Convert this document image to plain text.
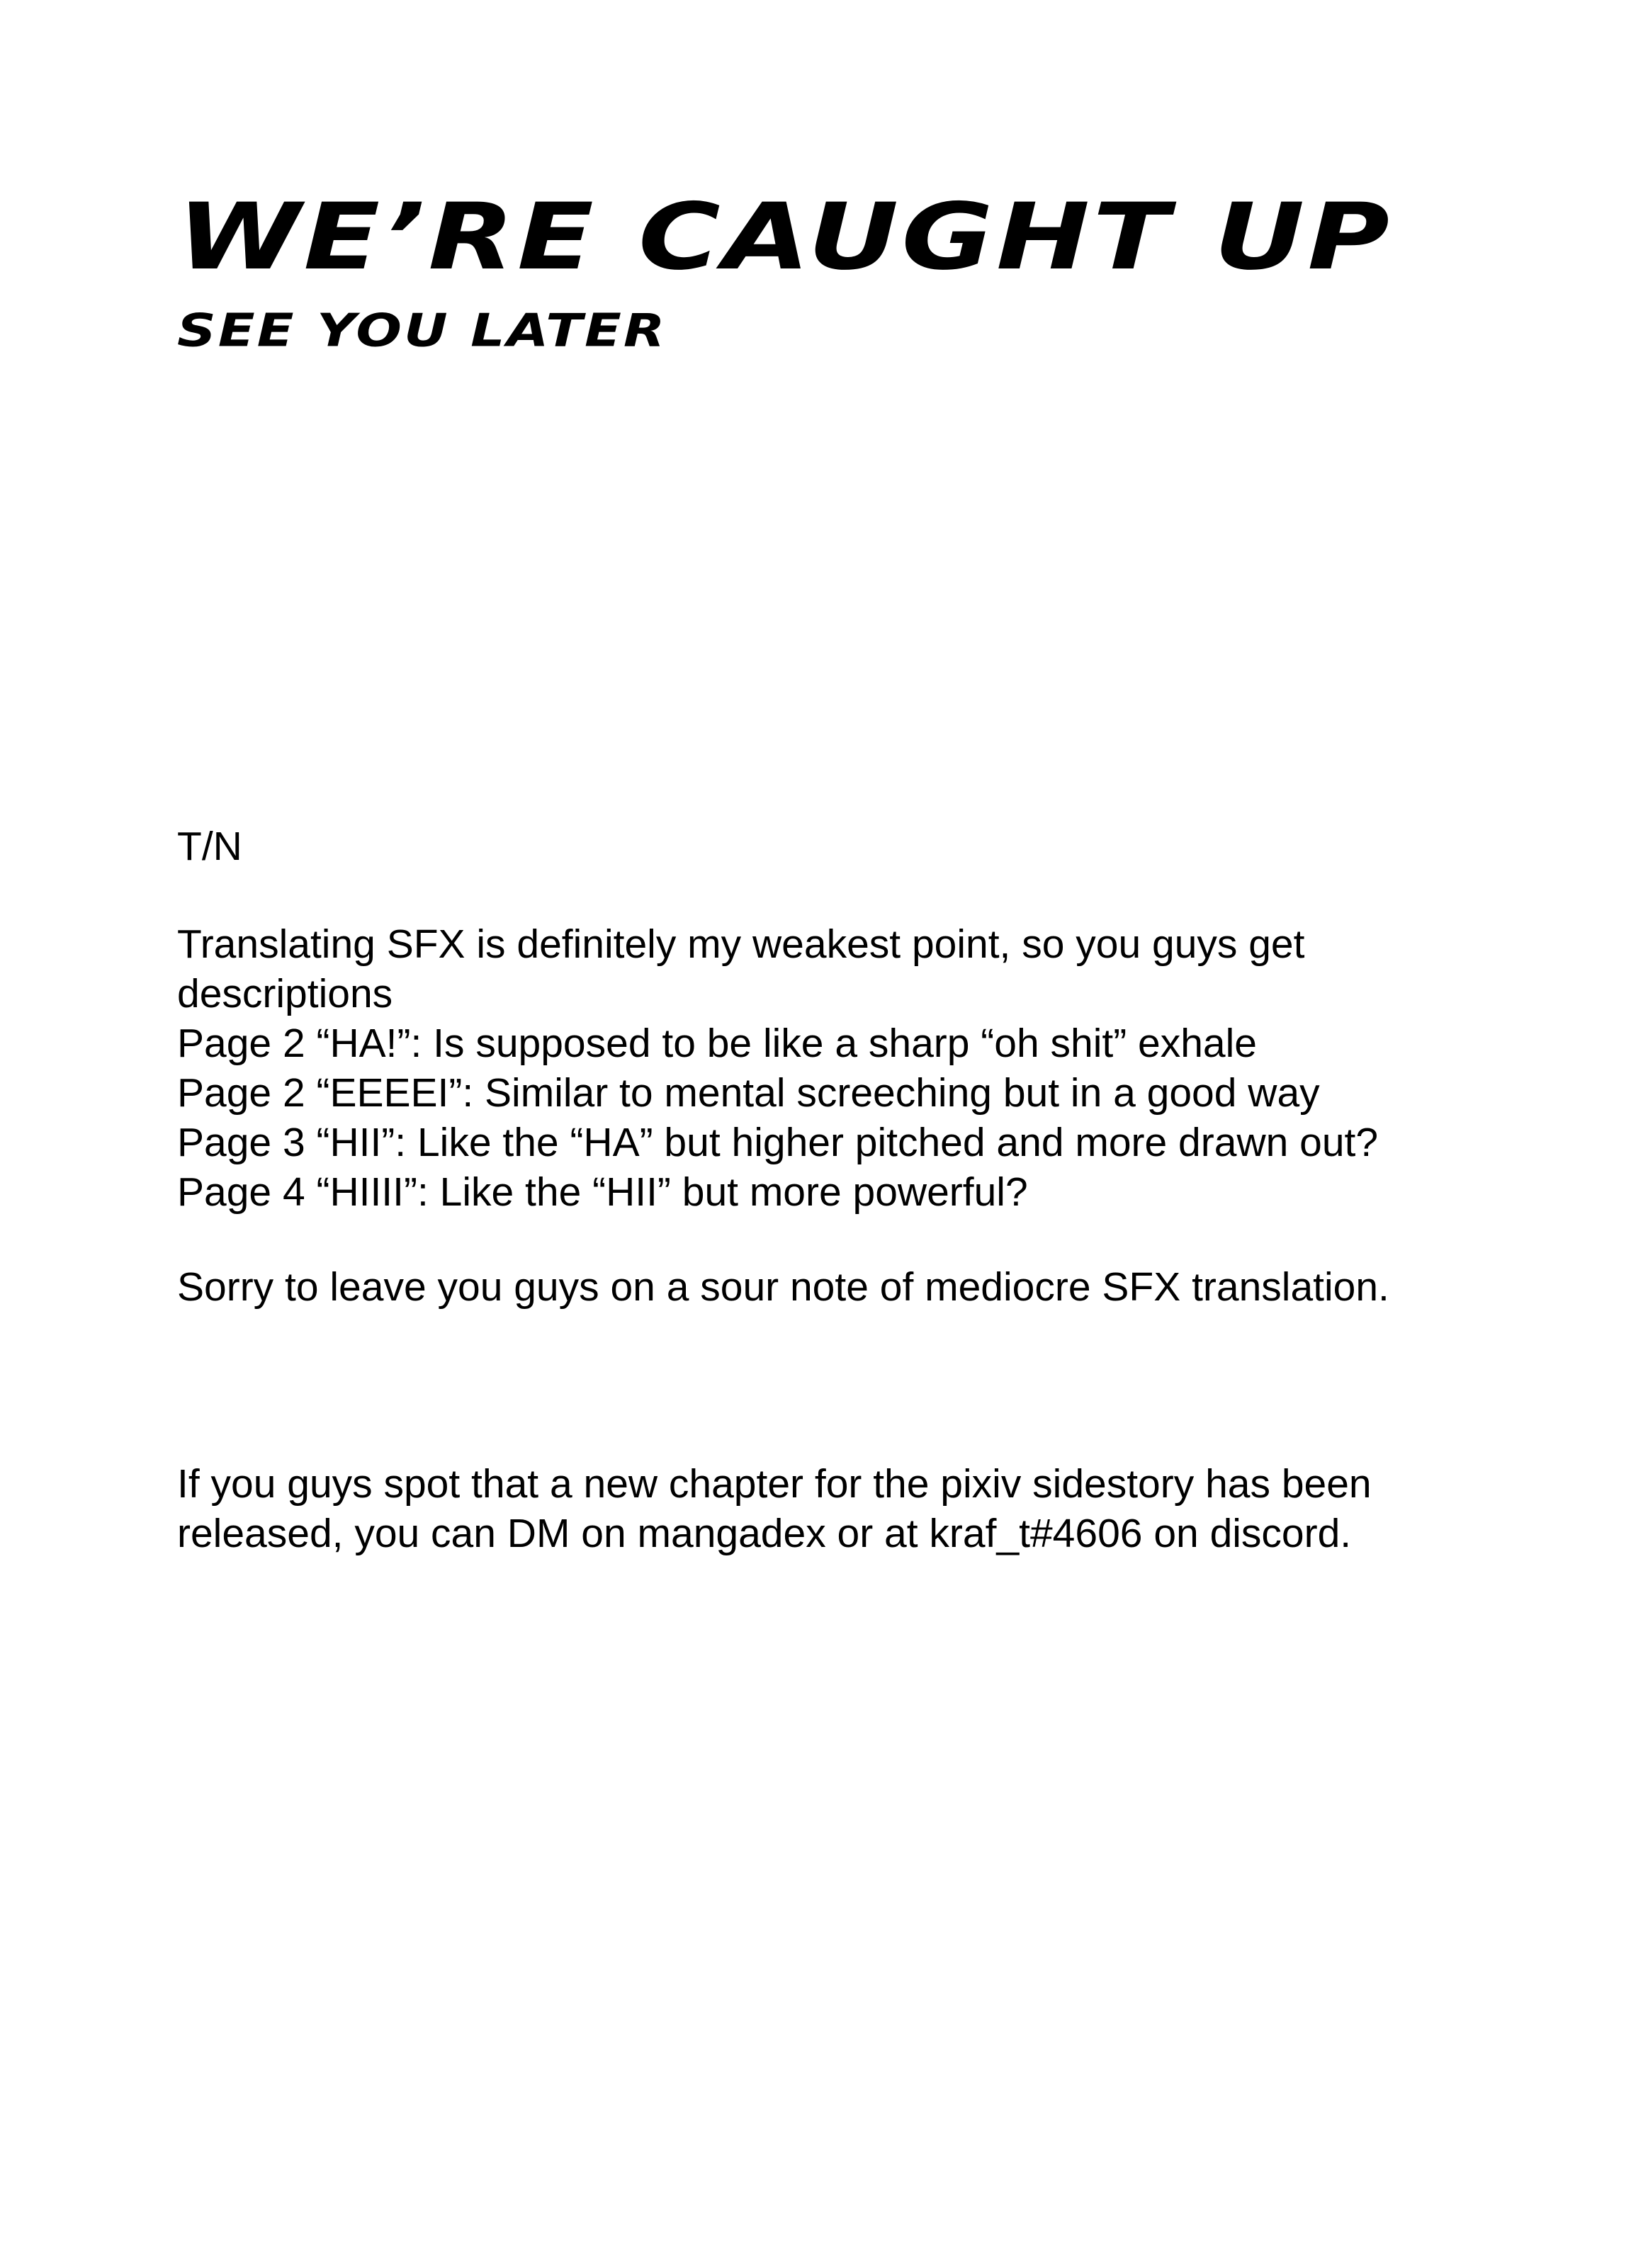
WE’RE CAUGHT UP
SEE YOU LATER

T/N

Translating SFX is definitely my weakest point, so you guys get
descriptions
Page 2 “HA!”: Is supposed to be like a sharp “oh shit” exhale
Page 2 “EEEEI”: Similar to mental screeching but in a good way
Page 3 “HII”: Like the “HA” but higher pitched and more drawn out?
Page 4 “HIIII”: Like the “HII” but more powerful?

Sorry to leave you guys on a sour note of mediocre SFX translation.

If you guys spot that a new chapter for the pixiv sidestory has been
released, you can DM on mangadex or at kraf_t#4606 on discord.
